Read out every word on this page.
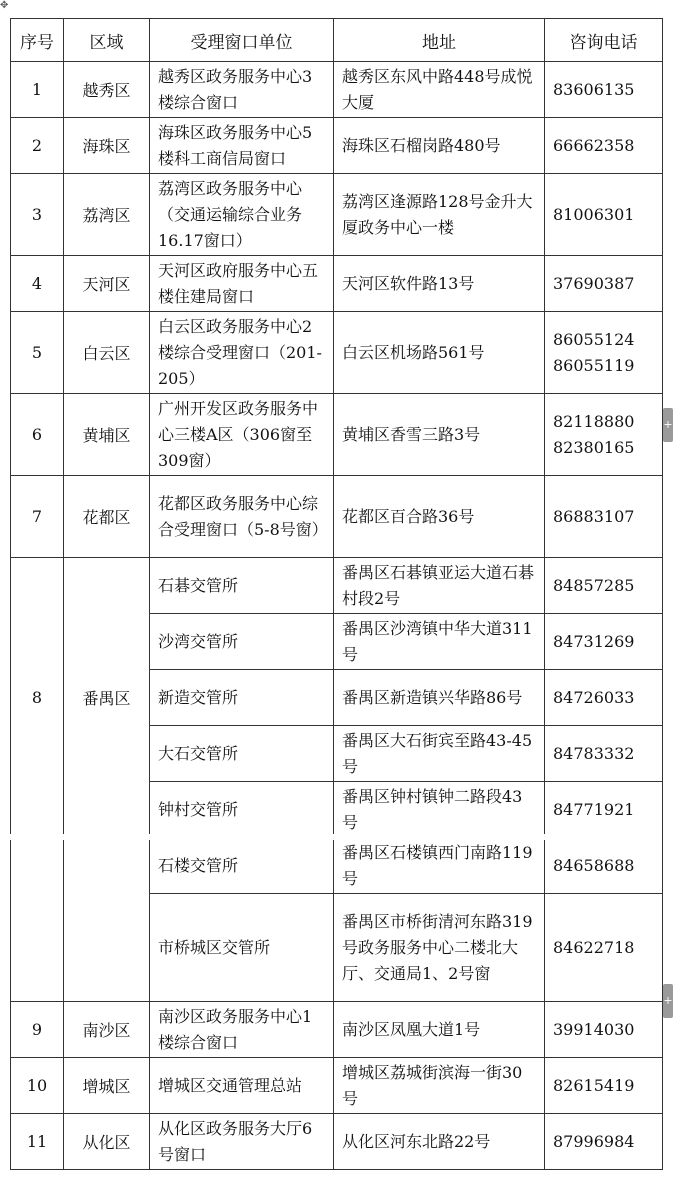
✥
序号	区域	受理窗口单位	地址	咨询电话
1	越秀区	越秀区政务服务中心3楼综合窗口	越秀区东风中路448号成悦大厦	83606135

2	海珠区	海珠区政务服务中心5楼科工商信局窗口	海珠区石榴岗路480号	66662358

3	荔湾区	荔湾区政务服务中心（交通运输综合业务16.17窗口）	荔湾区逢源路128号金升大厦政务中心一楼	81006301

4	天河区	天河区政府服务中心五楼住建局窗口	天河区软件路13号	37690387

5	白云区	白云区政务服务中心2楼综合受理窗口（201-205）	白云区机场路561号	86055124
86055119

6	黄埔区	广州开发区政务服务中心三楼A区（306窗至309窗）	黄埔区香雪三路3号	82118880
82380165

7	花都区	花都区政务服务中心综合受理窗口（5-8号窗）	花都区百合路36号	86883107

8	番禺区	石碁交管所	番禺区石碁镇亚运大道石碁村段2号	84857285
		沙湾交管所	番禺区沙湾镇中华大道311号	84731269
		新造交管所	番禺区新造镇兴华路86号	84726033
		大石交管所	番禺区大石街宾至路43-45号	84783332
		钟村交管所	番禺区钟村镇钟二路段43号	84771921
		石楼交管所	番禺区石楼镇西门南路119号	84658688
		市桥城区交管所	番禺区市桥街清河东路319号政务服务中心二楼北大厅、交通局1、2号窗	84622718
9	南沙区	南沙区政务服务中心1楼综合窗口	南沙区凤凰大道1号	39914030
10	增城区	增城区交通管理总站	增城区荔城街滨海一街30号	82615419
11	从化区	从化区政务服务大厅6号窗口	从化区河东北路22号	87996984
+
+
